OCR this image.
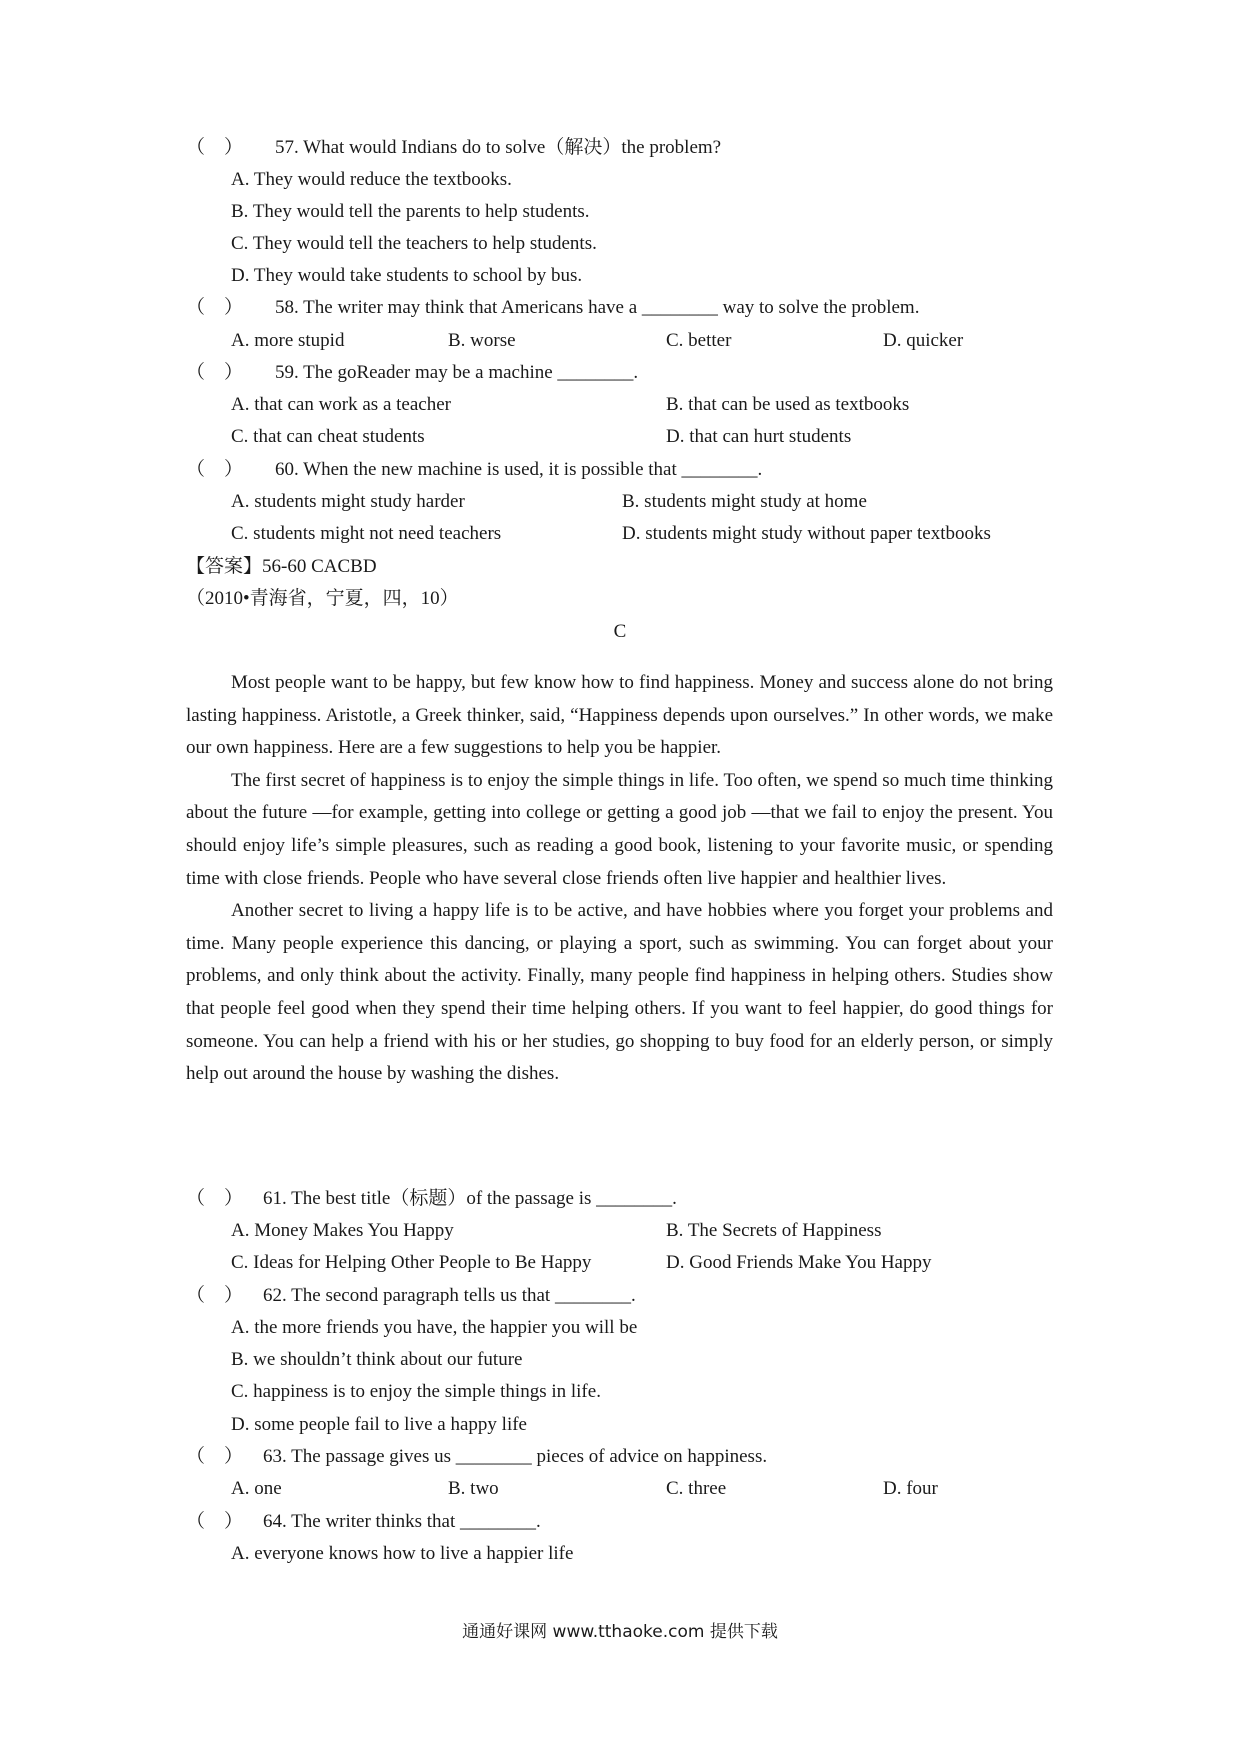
（    ） 57. What would Indians do to solve（解决）the problem?
A. They would reduce the textbooks.
B. They would tell the parents to help students.
C. They would tell the teachers to help students.
D. They would take students to school by bus.
（    ） 58. The writer may think that Americans have a ________ way to solve the problem.
A. more stupid	B. worse	C. better	D. quicker
（    ） 59. The goReader may be a machine ________.
A. that can work as a teacher	B. that can be used as textbooks
C. that can cheat students	D. that can hurt students
（    ） 60. When the new machine is used, it is possible that ________.
A. students might study harder	B. students might study at home
C. students might not need teachers	D. students might study without paper textbooks
【答案】56-60 CACBD
（2010•青海省，宁夏，四，10）
C

Most people want to be happy, but few know how to find happiness. Money and success alone do not bring lasting happiness. Aristotle, a Greek thinker, said, “Happiness depends upon ourselves.” In other words, we make our own happiness. Here are a few suggestions to help you be happier.

The first secret of happiness is to enjoy the simple things in life. Too often, we spend so much time thinking about the future —for example, getting into college or getting a good job —that we fail to enjoy the present. You should enjoy life’s simple pleasures, such as reading a good book, listening to your favorite music, or spending time with close friends. People who have several close friends often live happier and healthier lives.

Another secret to living a happy life is to be active, and have hobbies where you forget your problems and time. Many people experience this dancing, or playing a sport, such as swimming. You can forget about your problems, and only think about the activity. Finally, many people find happiness in helping others. Studies show that people feel good when they spend their time helping others. If you want to feel happier, do good things for someone. You can help a friend with his or her studies, go shopping to buy food for an elderly person, or simply help out around the house by washing the dishes.

（    ） 61. The best title（标题）of the passage is ________.
A. Money Makes You Happy	B. The Secrets of Happiness
C. Ideas for Helping Other People to Be Happy	D. Good Friends Make You Happy
（    ） 62. The second paragraph tells us that ________.
A. the more friends you have, the happier you will be
B. we shouldn’t think about our future
C. happiness is to enjoy the simple things in life.
D. some people fail to live a happy life
（    ） 63. The passage gives us ________ pieces of advice on happiness.
A. one	B. two	C. three	D. four
（    ） 64. The writer thinks that ________.
A. everyone knows how to live a happier life
通通好课网 www.tthaoke.com 提供下载
